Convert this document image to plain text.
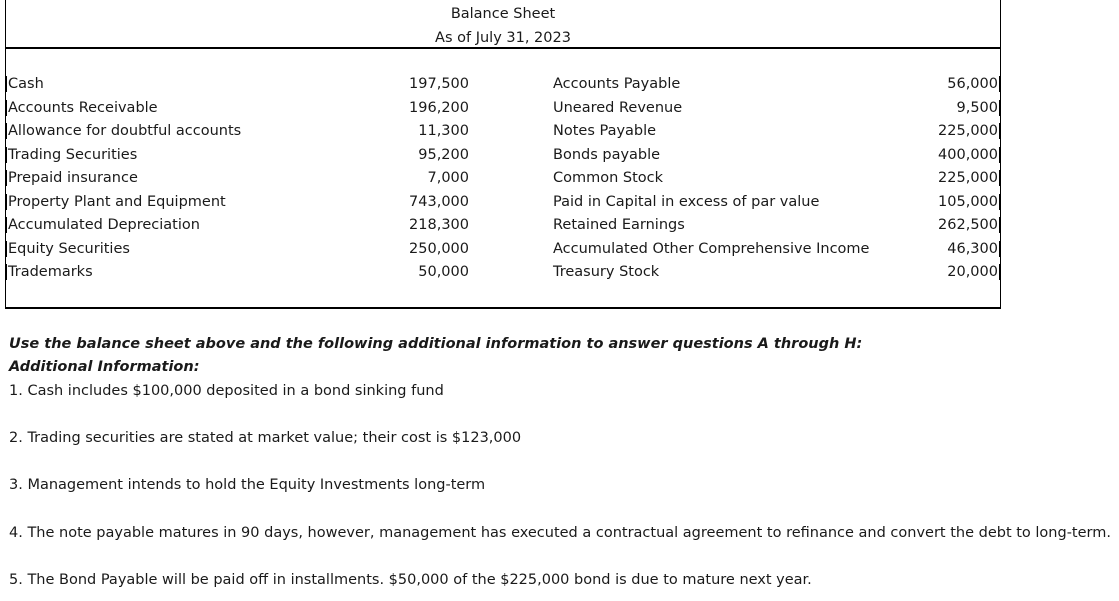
Balance Sheet
As of July 31, 2023
Cash	197,500	Accounts Payable	56,000
Accounts Receivable	196,200	Uneared Revenue	9,500
Allowance for doubtful accounts	11,300	Notes Payable	225,000
Trading Securities	95,200	Bonds payable	400,000
Prepaid insurance	7,000	Common Stock	225,000
Property Plant and Equipment	743,000	Paid in Capital in excess of par value	105,000
Accumulated Depreciation	218,300	Retained Earnings	262,500
Equity Securities	250,000	Accumulated Other Comprehensive Income	46,300
Trademarks	50,000	Treasury Stock	20,000
Use the balance sheet above and the following additional information to answer questions A through H:
Additional Information:
1. Cash includes $100,000 deposited in a bond sinking fund
2. Trading securities are stated at market value; their cost is $123,000
3. Management intends to hold the Equity Investments long-term
4. The note payable matures in 90 days, however, management has executed a contractual agreement to refinance and convert the debt to long-term.
5. The Bond Payable will be paid off in installments. $50,000 of the $225,000 bond is due to mature next year.
